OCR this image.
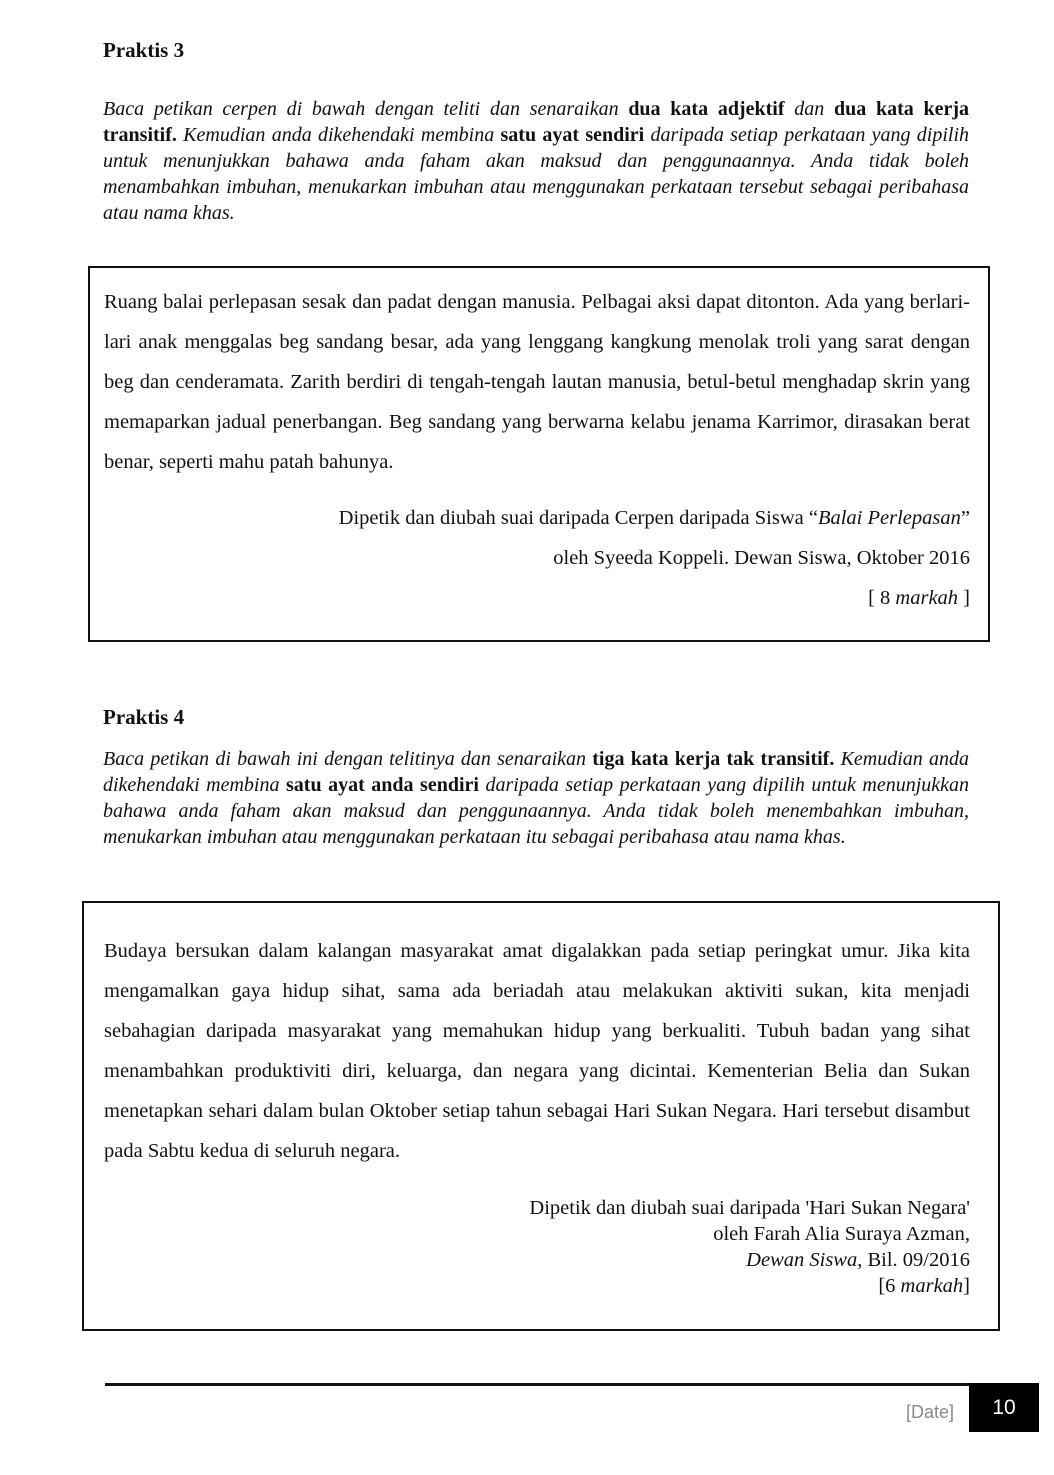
Praktis 3

Baca petikan cerpen di bawah dengan teliti dan senaraikan dua kata adjektif dan dua kata kerja transitif. Kemudian anda dikehendaki membina satu ayat sendiri daripada setiap perkataan yang dipilih untuk menunjukkan bahawa anda faham akan maksud dan penggunaannya. Anda tidak boleh menambahkan imbuhan, menukarkan imbuhan atau menggunakan perkataan tersebut sebagai peribahasa atau nama khas.

Ruang balai perlepasan sesak dan padat dengan manusia. Pelbagai aksi dapat ditonton. Ada yang berlari-lari anak menggalas beg sandang besar, ada yang lenggang kangkung menolak troli yang sarat dengan beg dan cenderamata. Zarith berdiri di tengah-tengah lautan manusia, betul-betul menghadap skrin yang memaparkan jadual penerbangan. Beg sandang yang berwarna kelabu jenama Karrimor, dirasakan berat benar, seperti mahu patah bahunya.

Dipetik dan diubah suai daripada Cerpen daripada Siswa “Balai Perlepasan”

oleh Syeeda Koppeli. Dewan Siswa, Oktober 2016

[ 8 markah ]

Praktis 4

Baca petikan di bawah ini dengan telitinya dan senaraikan tiga kata kerja tak transitif. Kemudian anda dikehendaki membina satu ayat anda sendiri daripada setiap perkataan yang dipilih untuk menunjukkan bahawa anda faham akan maksud dan penggunaannya. Anda tidak boleh menembahkan imbuhan, menukarkan imbuhan atau menggunakan perkataan itu sebagai peribahasa atau nama khas.

Budaya bersukan dalam kalangan masyarakat amat digalakkan pada setiap peringkat umur. Jika kita mengamalkan gaya hidup sihat, sama ada beriadah atau melakukan aktiviti sukan, kita menjadi sebahagian daripada masyarakat yang memahukan hidup yang berkualiti. Tubuh badan yang sihat menambahkan produktiviti diri, keluarga, dan negara yang dicintai. Kementerian Belia dan Sukan menetapkan sehari dalam bulan Oktober setiap tahun sebagai Hari Sukan Negara. Hari tersebut disambut pada Sabtu kedua di seluruh negara.

Dipetik dan diubah suai daripada 'Hari Sukan Negara'

oleh Farah Alia Suraya Azman,

Dewan Siswa, Bil. 09/2016

[6 markah]

[Date] 10
